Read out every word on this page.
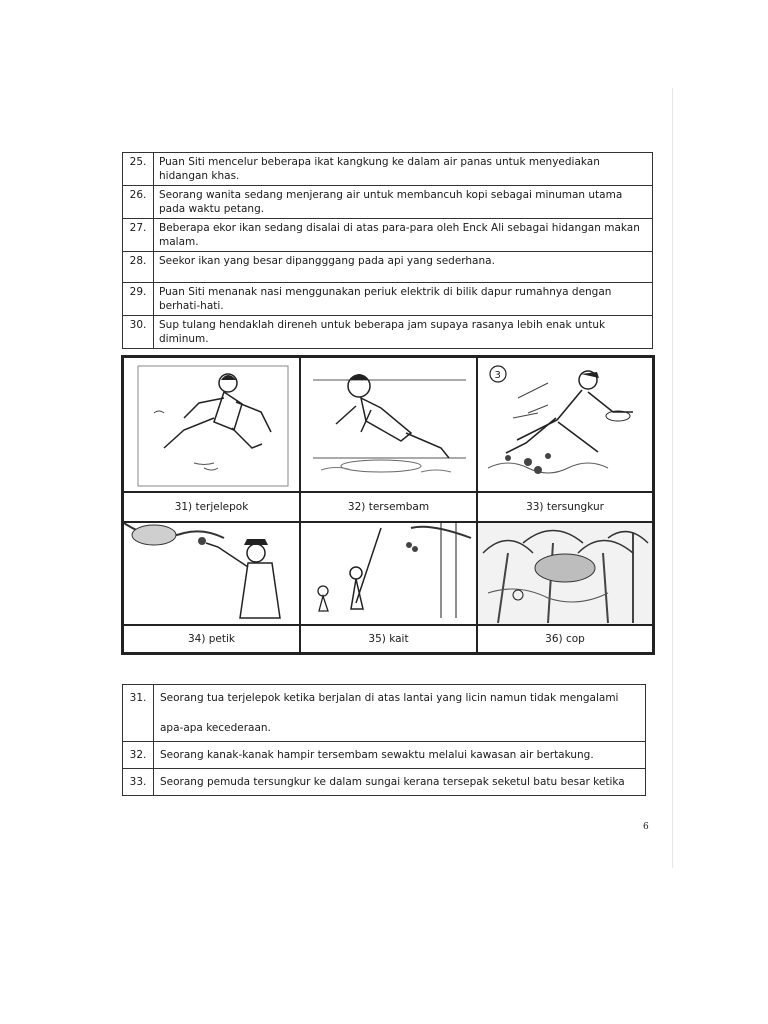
25.	Puan Siti mencelur beberapa ikat kangkung ke dalam air panas untuk menyediakan hidangan khas.
26.	Seorang wanita sedang menjerang air untuk membancuh kopi sebagai minuman utama pada waktu petang.
27.	Beberapa ekor ikan sedang disalai di atas para-para oleh Enck Ali sebagai hidangan makan malam.
28.	Seekor ikan yang besar dipangggang pada api yang sederhana.
29.	Puan Siti menanak nasi menggunakan periuk elektrik di bilik dapur rumahnya dengan berhati-hati.
30.	Sup tulang hendaklah direneh untuk beberapa jam supaya rasanya lebih enak untuk diminum.
3
31) terjelepok	32) tersembam	33) tersungkur
34) petik	35) kait	36) cop
31.	Seorang tua terjelepok ketika berjalan di atas lantai yang licin namun tidak mengalami
apa-apa kecederaan.

32.	Seorang kanak-kanak hampir tersembam sewaktu melalui kawasan air bertakung.
33.	Seorang pemuda tersungkur ke dalam sungai kerana tersepak seketul batu besar ketika
6
